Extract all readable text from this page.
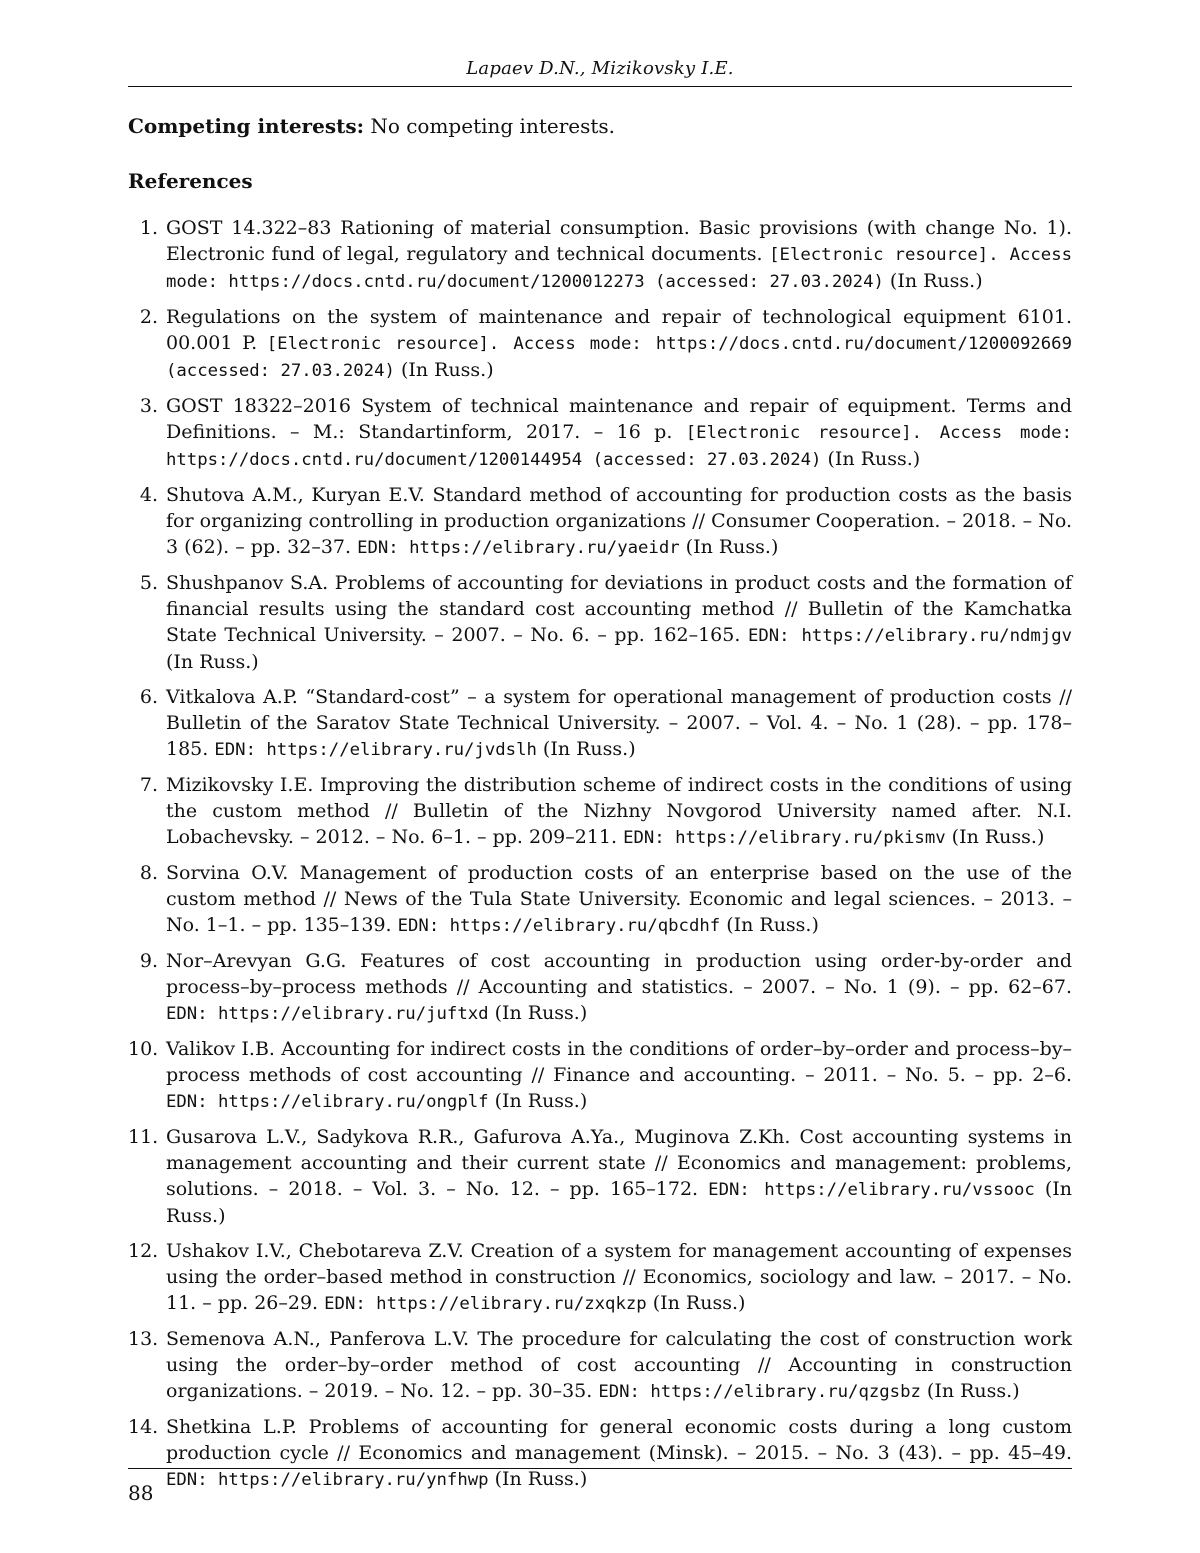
Lapaev D.N., Mizikovsky I.E.
Competing interests: No competing interests.
References
1. GOST 14.322–83 Rationing of material consumption. Basic provisions (with change No. 1). Electronic fund of legal, regulatory and technical documents. [Electronic resource]. Access mode: https://docs.cntd.ru/document/1200012273 (accessed: 27.03.2024) (In Russ.)
2. Regulations on the system of maintenance and repair of technological equipment 6101. 00.001 P. [Electronic resource]. Access mode: https://docs.cntd.ru/document/1200092669 (accessed: 27.03.2024) (In Russ.)
3. GOST 18322–2016 System of technical maintenance and repair of equipment. Terms and Definitions. – M.: Standartinform, 2017. – 16 p. [Electronic resource]. Access mode: https://docs.cntd.ru/document/1200144954 (accessed: 27.03.2024) (In Russ.)
4. Shutova A.M., Kuryan E.V. Standard method of accounting for production costs as the basis for organizing controlling in production organizations // Consumer Cooperation. – 2018. – No. 3 (62). – pp. 32–37. EDN: https://elibrary.ru/yaeidr (In Russ.)
5. Shushpanov S.A. Problems of accounting for deviations in product costs and the formation of financial results using the standard cost accounting method // Bulletin of the Kamchatka State Technical University. – 2007. – No. 6. – pp. 162–165. EDN: https://elibrary.ru/ndmjgv (In Russ.)
6. Vitkalova A.P. “Standard-cost” – a system for operational management of production costs // Bulletin of the Saratov State Technical University. – 2007. – Vol. 4. – No. 1 (28). – pp. 178–185. EDN: https://elibrary.ru/jvdslh (In Russ.)
7. Mizikovsky I.E. Improving the distribution scheme of indirect costs in the conditions of using the custom method // Bulletin of the Nizhny Novgorod University named after. N.I. Lobachevsky. – 2012. – No. 6–1. – pp. 209–211. EDN: https://elibrary.ru/pkismv (In Russ.)
8. Sorvina O.V. Management of production costs of an enterprise based on the use of the custom method // News of the Tula State University. Economic and legal sciences. – 2013. – No. 1–1. – pp. 135–139. EDN: https://elibrary.ru/qbcdhf (In Russ.)
9. Nor–Arevyan G.G. Features of cost accounting in production using order-by-order and process–by–process methods // Accounting and statistics. – 2007. – No. 1 (9). – pp. 62–67. EDN: https://elibrary.ru/juftxd (In Russ.)
10. Valikov I.B. Accounting for indirect costs in the conditions of order–by–order and process–by–process methods of cost accounting // Finance and accounting. – 2011. – No. 5. – pp. 2–6. EDN: https://elibrary.ru/ongplf (In Russ.)
11. Gusarova L.V., Sadykova R.R., Gafurova A.Ya., Muginova Z.Kh. Cost accounting systems in management accounting and their current state // Economics and management: problems, solutions. – 2018. – Vol. 3. – No. 12. – pp. 165–172. EDN: https://elibrary.ru/vssooc (In Russ.)
12. Ushakov I.V., Chebotareva Z.V. Creation of a system for management accounting of expenses using the order–based method in construction // Economics, sociology and law. – 2017. – No. 11. – pp. 26–29. EDN: https://elibrary.ru/zxqkzp (In Russ.)
13. Semenova A.N., Panferova L.V. The procedure for calculating the cost of construction work using the order–by–order method of cost accounting // Accounting in construction organizations. – 2019. – No. 12. – pp. 30–35. EDN: https://elibrary.ru/qzgsbz (In Russ.)
14. Shetkina L.P. Problems of accounting for general economic costs during a long custom production cycle // Economics and management (Minsk). – 2015. – No. 3 (43). – pp. 45–49. EDN: https://elibrary.ru/ynfhwp (In Russ.)
88
